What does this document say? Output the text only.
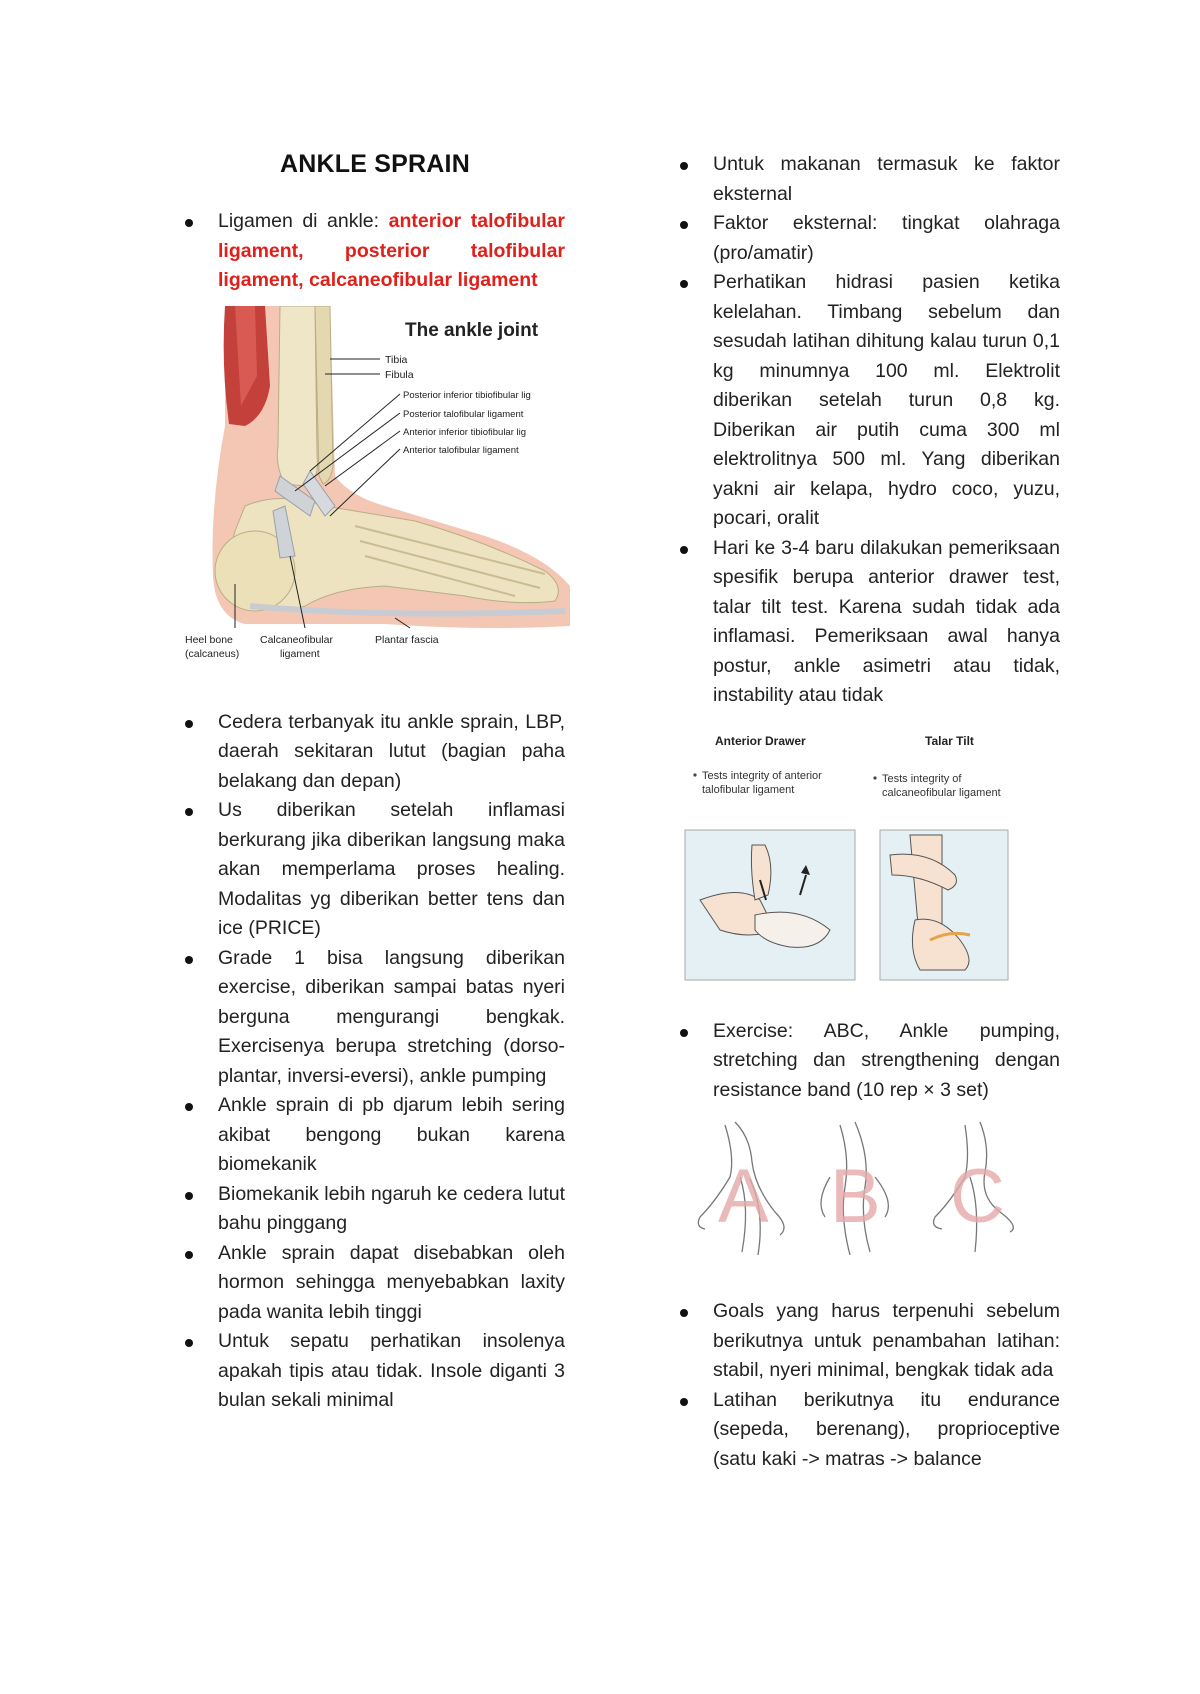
ANKLE SPRAIN
Ligamen di ankle: anterior talofibular ligament, posterior talofibular ligament, calcaneofibular ligament
The ankle joint
Tibia
Fibula
Posterior inferior tibiofibular lig
Posterior talofibular ligament
Anterior inferior tibiofibular lig
Anterior talofibular ligament
Heel bone
(calcaneus)
Calcaneofibular
ligament
Plantar fascia
Cedera terbanyak itu ankle sprain, LBP, daerah sekitaran lutut (bagian paha belakang dan depan)
Us diberikan setelah inflamasi berkurang jika diberikan langsung maka akan memperlama proses healing. Modalitas yg diberikan better tens dan ice (PRICE)
Grade 1 bisa langsung diberikan exercise, diberikan sampai batas nyeri berguna mengurangi bengkak. Exercisenya berupa stretching (dorso-plantar, inversi-eversi), ankle pumping
Ankle sprain di pb djarum lebih sering akibat bengong bukan karena biomekanik
Biomekanik lebih ngaruh ke cedera lutut bahu pinggang
Ankle sprain dapat disebabkan oleh hormon sehingga menyebabkan laxity pada wanita lebih tinggi
Untuk sepatu perhatikan insolenya apakah tipis atau tidak. Insole diganti 3 bulan sekali minimal
Untuk makanan termasuk ke faktor eksternal
Faktor eksternal: tingkat olahraga (pro/amatir)
Perhatikan hidrasi pasien ketika kelelahan. Timbang sebelum dan sesudah latihan dihitung kalau turun 0,1 kg minumnya 100 ml. Elektrolit diberikan setelah turun 0,8 kg. Diberikan air putih cuma 300 ml elektrolitnya 500 ml. Yang diberikan yakni air kelapa, hydro coco, yuzu, pocari, oralit
Hari ke 3-4 baru dilakukan pemeriksaan spesifik berupa anterior drawer test, talar tilt test. Karena sudah tidak ada inflamasi. Pemeriksaan awal hanya postur, ankle asimetri atau tidak, instability atau tidak
Anterior Drawer	Talar Tilt
Tests integrity of anterior
talofibular ligament
Tests integrity of
calcaneofibular ligament
Exercise: ABC, Ankle pumping, stretching dan strengthening dengan resistance band (10 rep × 3 set)
A B C
Goals yang harus terpenuhi sebelum berikutnya untuk penambahan latihan: stabil, nyeri minimal, bengkak tidak ada
Latihan berikutnya itu endurance (sepeda, berenang), proprioceptive (satu kaki -> matras -> balance
